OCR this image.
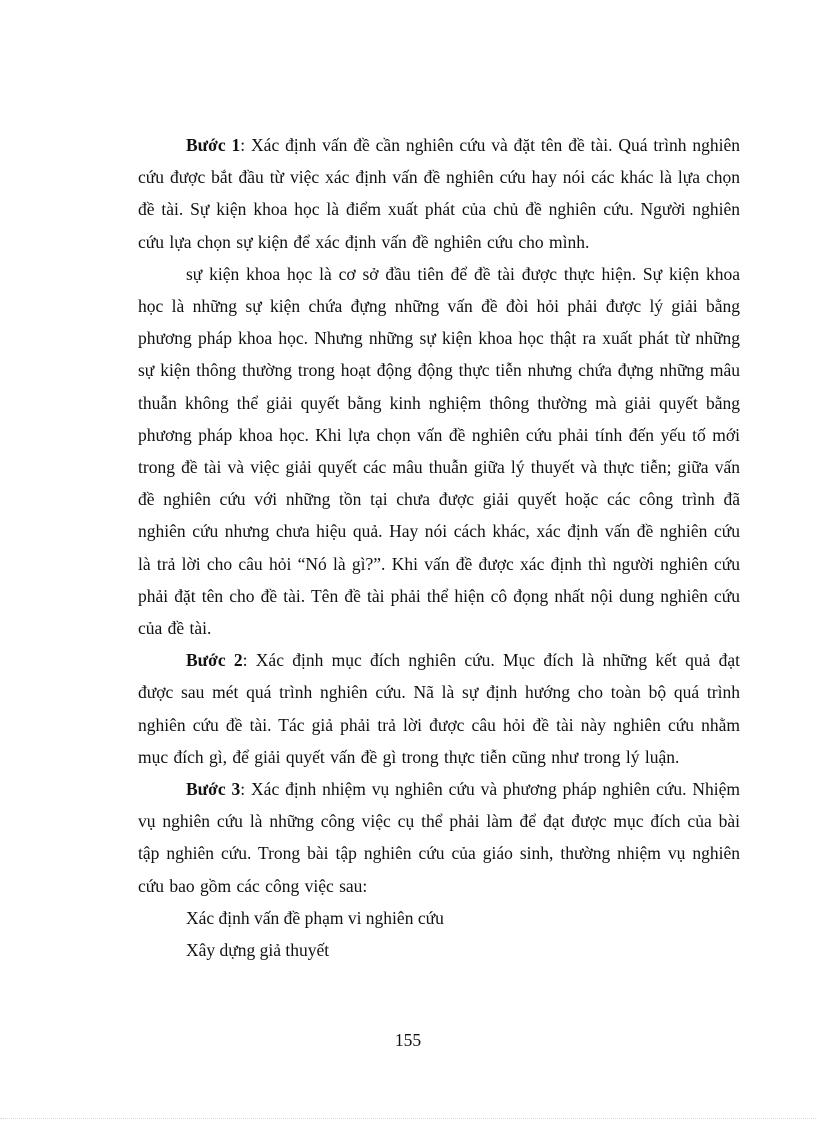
Bước 1: Xác định vấn đề cần nghiên cứu và đặt tên đề tài. Quá trình nghiên cứu được bắt đầu từ việc xác định vấn đề nghiên cứu hay nói các khác là lựa chọn đề tài. Sự kiện khoa học là điểm xuất phát của chủ đề nghiên cứu. Người nghiên cứu lựa chọn sự kiện để xác định vấn đề nghiên cứu cho mình.

sự kiện khoa học là cơ sở đầu tiên để đề tài được thực hiện. Sự kiện khoa học là những sự kiện chứa đựng những vấn đề đòi hỏi phải được lý giải bằng phương pháp khoa học. Nhưng những sự kiện khoa học thật ra xuất phát từ những sự kiện thông thường trong hoạt động động thực tiễn nhưng chứa đựng những mâu thuẫn không thể giải quyết bằng kinh nghiệm thông thường mà giải quyết bằng phương pháp khoa học. Khi lựa chọn vấn đề nghiên cứu phải tính đến yếu tố mới trong đề tài và việc giải quyết các mâu thuẫn giữa lý thuyết và thực tiễn; giữa vấn đề nghiên cứu với những tồn tại chưa được giải quyết hoặc các công trình đã nghiên cứu nhưng chưa hiệu quả. Hay nói cách khác, xác định vấn đề nghiên cứu là trả lời cho câu hỏi “Nó là gì?”. Khi vấn đề được xác định thì người nghiên cứu phải đặt tên cho đề tài. Tên đề tài phải thể hiện cô đọng nhất nội dung nghiên cứu của đề tài.

Bước 2: Xác định mục đích nghiên cứu. Mục đích là những kết quả đạt được sau mét quá trình nghiên cứu. Nã là sự định hướng cho toàn bộ quá trình nghiên cứu đề tài. Tác giả phải trả lời được câu hỏi đề tài này nghiên cứu nhằm mục đích gì, để giải quyết vấn đề gì trong thực tiễn cũng như trong lý luận.

Bước 3: Xác định nhiệm vụ nghiên cứu và phương pháp nghiên cứu. Nhiệm vụ nghiên cứu là những công việc cụ thể phải làm để đạt được mục đích của bài tập nghiên cứu. Trong bài tập nghiên cứu của giáo sinh, thường nhiệm vụ nghiên cứu bao gồm các công việc sau:

Xác định vấn đề phạm vi nghiên cứu

Xây dựng giả thuyết

155
